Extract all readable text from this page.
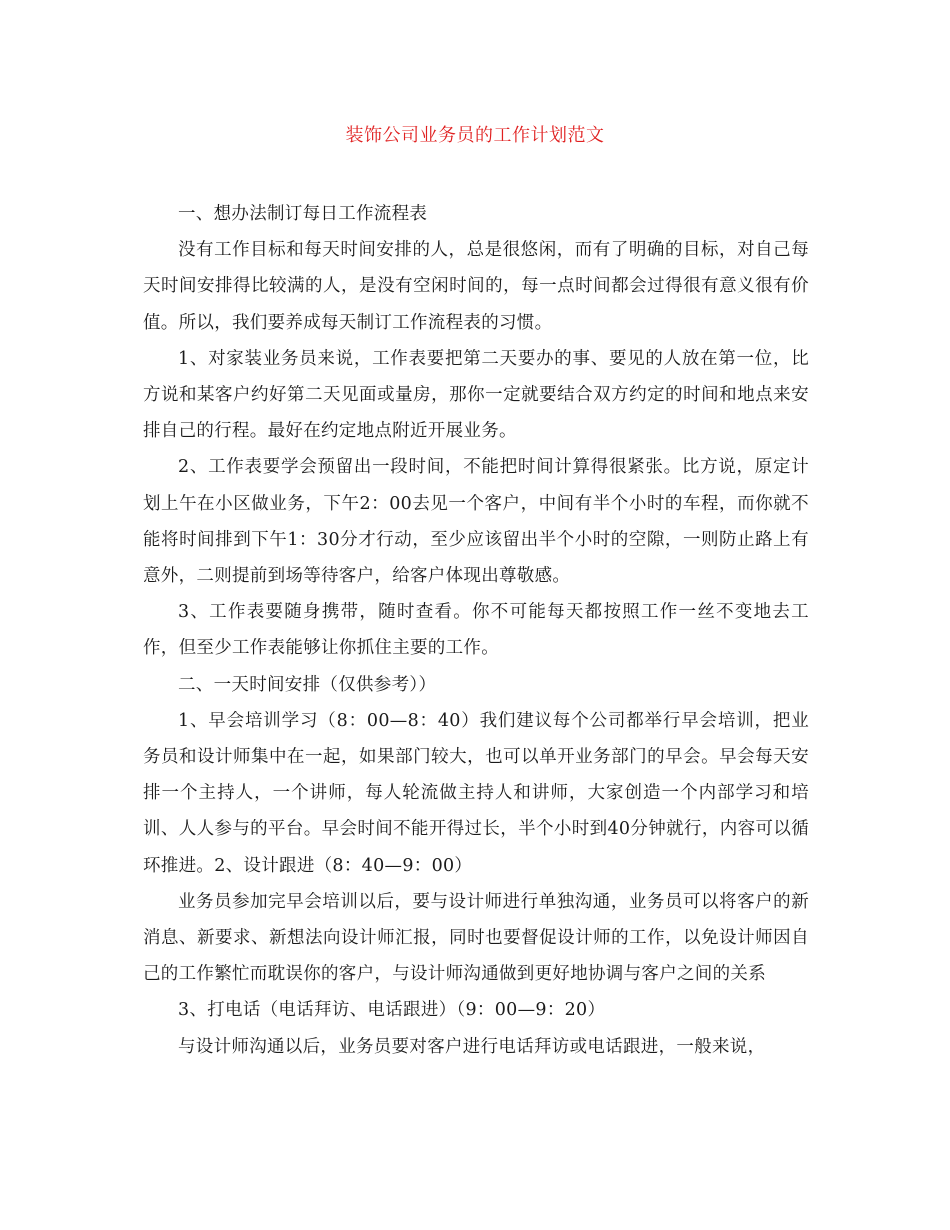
装饰公司业务员的工作计划范文

一、想办法制订每日工作流程表

没有工作目标和每天时间安排的人，总是很悠闲，而有了明确的目标，对自己每天时间安排得比较满的人，是没有空闲时间的，每一点时间都会过得很有意义很有价值。所以，我们要养成每天制订工作流程表的习惯。

1、对家装业务员来说，工作表要把第二天要办的事、要见的人放在第一位，比方说和某客户约好第二天见面或量房，那你一定就要结合双方约定的时间和地点来安排自己的行程。最好在约定地点附近开展业务。

2、工作表要学会预留出一段时间，不能把时间计算得很紧张。比方说，原定计划上午在小区做业务，下午2：00去见一个客户，中间有半个小时的车程，而你就不能将时间排到下午1：30分才行动，至少应该留出半个小时的空隙，一则防止路上有意外，二则提前到场等待客户，给客户体现出尊敬感。

3、工作表要随身携带，随时查看。你不可能每天都按照工作一丝不变地去工作，但至少工作表能够让你抓住主要的工作。

二、一天时间安排（仅供参考））

1、早会培训学习（8：00—8：40）我们建议每个公司都举行早会培训，把业务员和设计师集中在一起，如果部门较大，也可以单开业务部门的早会。早会每天安排一个主持人，一个讲师，每人轮流做主持人和讲师，大家创造一个内部学习和培训、人人参与的平台。早会时间不能开得过长，半个小时到40分钟就行，内容可以循环推进。2、设计跟进（8：40—9：00）

业务员参加完早会培训以后，要与设计师进行单独沟通，业务员可以将客户的新消息、新要求、新想法向设计师汇报，同时也要督促设计师的工作，以免设计师因自己的工作繁忙而耽误你的客户，与设计师沟通做到更好地协调与客户之间的关系

3、打电话（电话拜访、电话跟进）（9：00—9：20）

与设计师沟通以后，业务员要对客户进行电话拜访或电话跟进，一般来说，
